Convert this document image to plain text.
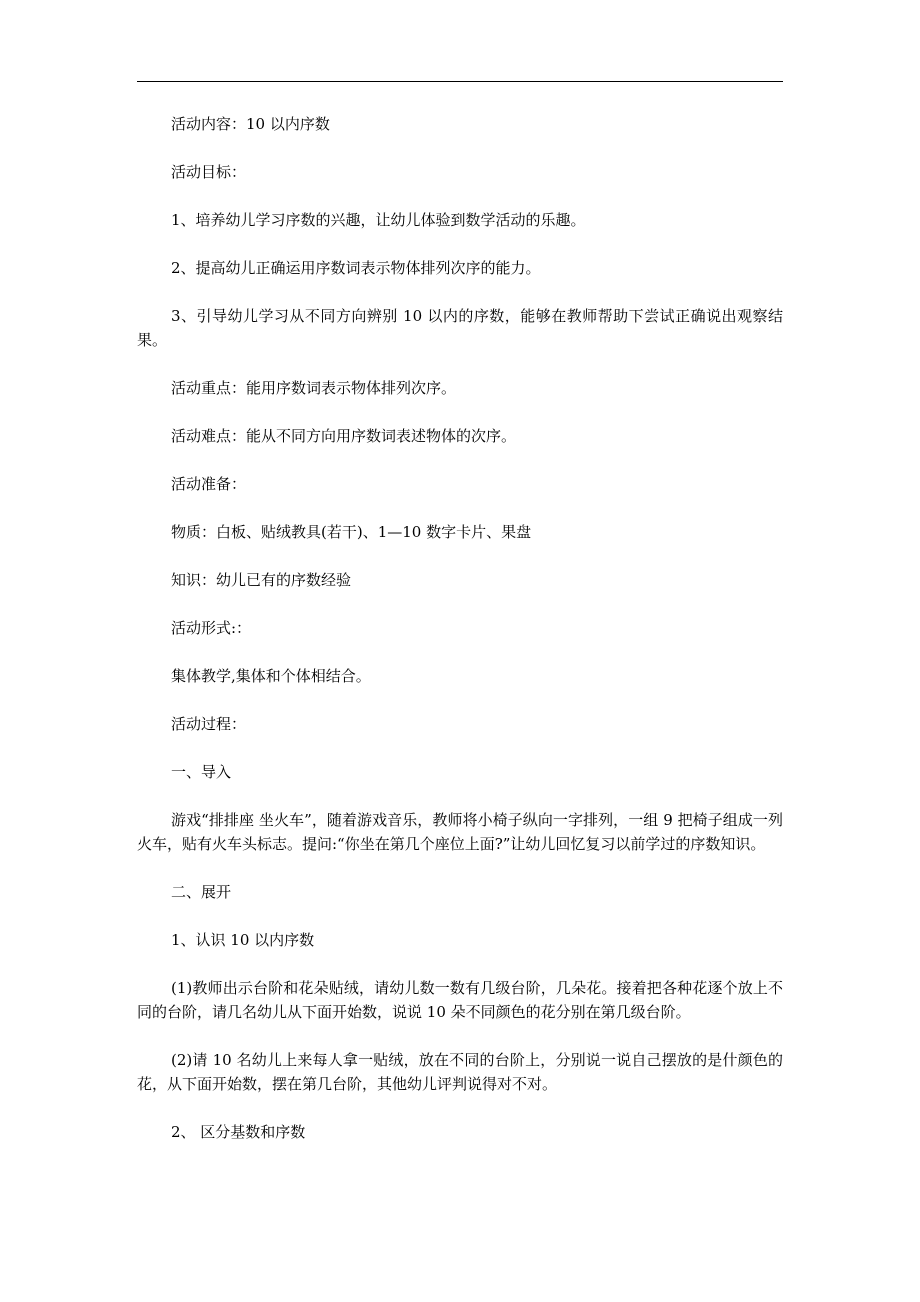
活动内容：10 以内序数

活动目标：

1、培养幼儿学习序数的兴趣，让幼儿体验到数学活动的乐趣。

2、提高幼儿正确运用序数词表示物体排列次序的能力。

3、引导幼儿学习从不同方向辨别 10 以内的序数，能够在教师帮助下尝试正确说出观察结果。

活动重点：能用序数词表示物体排列次序。

活动难点：能从不同方向用序数词表述物体的次序。

活动准备：

物质：白板、贴绒教具(若干)、1—10 数字卡片、果盘

知识：幼儿已有的序数经验

活动形式:：

集体教学,集体和个体相结合。

活动过程：

一、导入

游戏“排排座 坐火车”，随着游戏音乐，教师将小椅子纵向一字排列，一组 9 把椅子组成一列火车，贴有火车头标志。提问:“你坐在第几个座位上面?”让幼儿回忆复习以前学过的序数知识。

二、展开

1、认识 10 以内序数

(1)教师出示台阶和花朵贴绒，请幼儿数一数有几级台阶，几朵花。接着把各种花逐个放上不同的台阶，请几名幼儿从下面开始数，说说 10 朵不同颜色的花分别在第几级台阶。

(2)请 10 名幼儿上来每人拿一贴绒，放在不同的台阶上，分别说一说自己摆放的是什颜色的花，从下面开始数，摆在第几台阶，其他幼儿评判说得对不对。

2、 区分基数和序数
